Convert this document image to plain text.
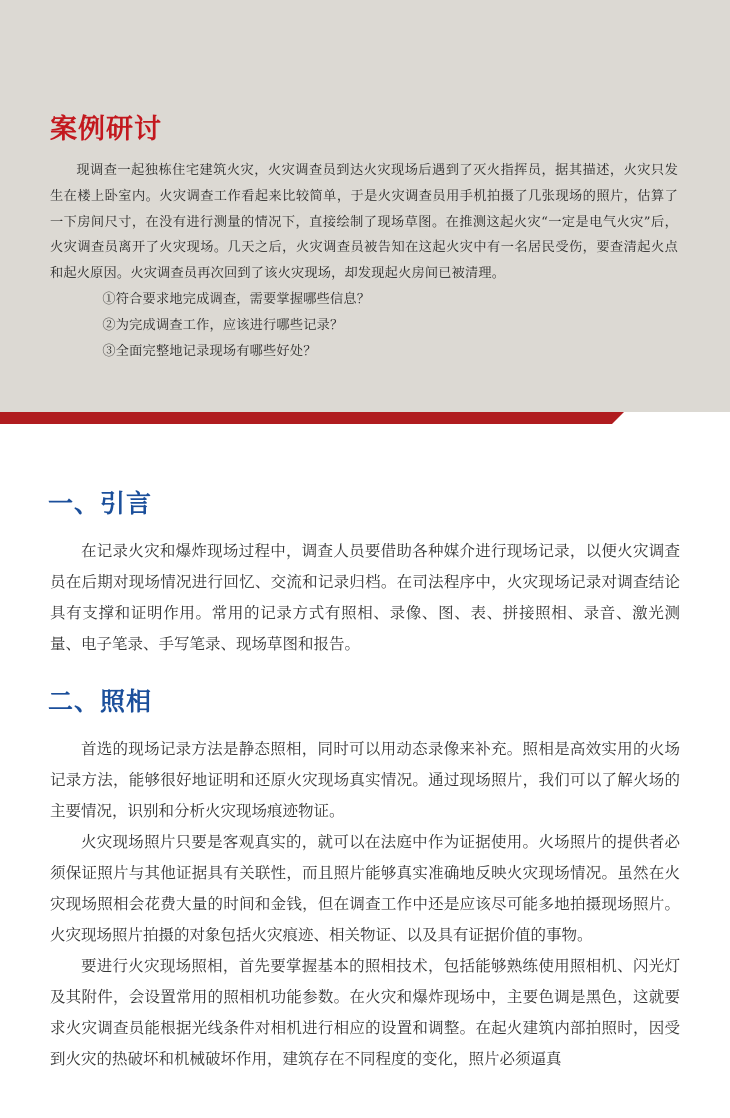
案例研讨

现调查一起独栋住宅建筑火灾，火灾调查员到达火灾现场后遇到了灭火指挥员，据其描述，火灾只发生在楼上卧室内。火灾调查工作看起来比较简单，于是火灾调查员用手机拍摄了几张现场的照片，估算了一下房间尺寸，在没有进行测量的情况下，直接绘制了现场草图。在推测这起火灾“一定是电气火灾”后，火灾调查员离开了火灾现场。几天之后，火灾调查员被告知在这起火灾中有一名居民受伤，要查清起火点和起火原因。火灾调查员再次回到了该火灾现场，却发现起火房间已被清理。

①符合要求地完成调查，需要掌握哪些信息？

②为完成调查工作，应该进行哪些记录？

③全面完整地记录现场有哪些好处？

一、引言

在记录火灾和爆炸现场过程中，调查人员要借助各种媒介进行现场记录，以便火灾调查员在后期对现场情况进行回忆、交流和记录归档。在司法程序中，火灾现场记录对调查结论具有支撑和证明作用。常用的记录方式有照相、录像、图、表、拼接照相、录音、激光测量、电子笔录、手写笔录、现场草图和报告。

二、照相

首选的现场记录方法是静态照相，同时可以用动态录像来补充。照相是高效实用的火场记录方法，能够很好地证明和还原火灾现场真实情况。通过现场照片，我们可以了解火场的主要情况，识别和分析火灾现场痕迹物证。

火灾现场照片只要是客观真实的，就可以在法庭中作为证据使用。火场照片的提供者必须保证照片与其他证据具有关联性，而且照片能够真实准确地反映火灾现场情况。虽然在火灾现场照相会花费大量的时间和金钱，但在调查工作中还是应该尽可能多地拍摄现场照片。火灾现场照片拍摄的对象包括火灾痕迹、相关物证、以及具有证据价值的事物。

要进行火灾现场照相，首先要掌握基本的照相技术，包括能够熟练使用照相机、闪光灯及其附件，会设置常用的照相机功能参数。在火灾和爆炸现场中，主要色调是黑色，这就要求火灾调查员能根据光线条件对相机进行相应的设置和调整。在起火建筑内部拍照时，因受到火灾的热破坏和机械破坏作用，建筑存在不同程度的变化，照片必须逼真
